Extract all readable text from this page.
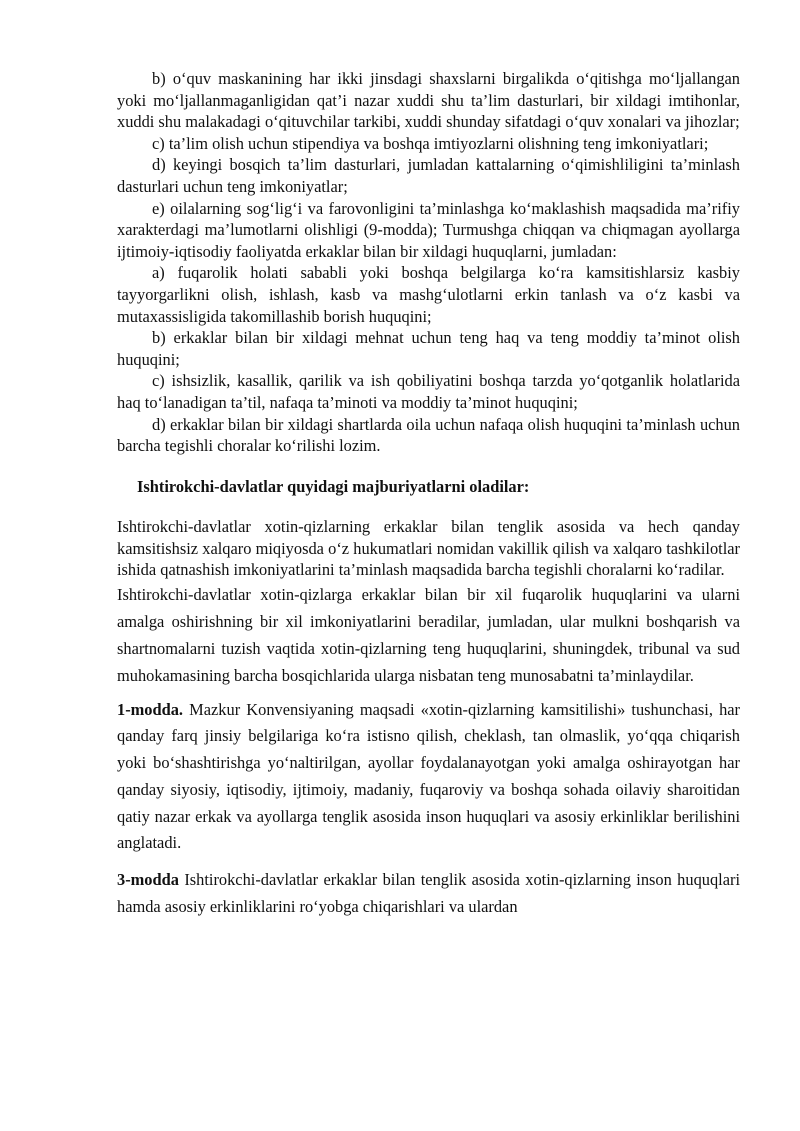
b) o‘quv maskanining har ikki jinsdagi shaxslarni birgalikda o‘qitishga mo‘ljallangan yoki mo‘ljallanmaganligidan qat’i nazar xuddi shu ta’lim dasturlari, bir xildagi imtihonlar, xuddi shu malakadagi o‘qituvchilar tarkibi, xuddi shunday sifatdagi o‘quv xonalari va jihozlar;

c) ta’lim olish uchun stipendiya va boshqa imtiyozlarni olishning teng imkoniyatlari;

d) keyingi bosqich ta’lim dasturlari, jumladan kattalarning o‘qimishliligini ta’minlash dasturlari uchun teng imkoniyatlar;

e) oilalarning sog‘lig‘i va farovonligini ta’minlashga ko‘maklashish maqsadida ma’rifiy xarakterdagi ma’lumotlarni olishligi (9-modda); Turmushga chiqqan va chiqmagan ayollarga ijtimoiy-iqtisodiy faoliyatda erkaklar bilan bir xildagi huquqlarni, jumladan:

a) fuqarolik holati sababli yoki boshqa belgilarga ko‘ra kamsitishlarsiz kasbiy tayyorgarlikni olish, ishlash, kasb va mashg‘ulotlarni erkin tanlash va o‘z kasbi va mutaxassisligida takomillashib borish huquqini;

b) erkaklar bilan bir xildagi mehnat uchun teng haq va teng moddiy ta’minot olish huquqini;

c) ishsizlik, kasallik, qarilik va ish qobiliyatini boshqa tarzda yo‘qotganlik holatlarida haq to‘lanadigan ta’til, nafaqa ta’minoti va moddiy ta’minot huquqini;

d) erkaklar bilan bir xildagi shartlarda oila uchun nafaqa olish huquqini ta’minlash uchun barcha tegishli choralar ko‘rilishi lozim.

Ishtirokchi-davlatlar quyidagi majburiyatlarni oladilar:

Ishtirokchi-davlatlar xotin-qizlarning erkaklar bilan tenglik asosida va hech qanday kamsitishsiz xalqaro miqiyosda o‘z hukumatlari nomidan vakillik qilish va xalqaro tashkilotlar ishida qatnashish imkoniyatlarini ta’minlash maqsadida barcha tegishli choralarni ko‘radilar.

Ishtirokchi-davlatlar xotin-qizlarga erkaklar bilan bir xil fuqarolik huquqlarini va ularni amalga oshirishning bir xil imkoniyatlarini beradilar, jumladan, ular mulkni boshqarish va shartnomalarni tuzish vaqtida xotin-qizlarning teng huquqlarini, shuningdek, tribunal va sud muhokamasining barcha bosqichlarida ularga nisbatan teng munosabatni ta’minlaydilar.

1-modda. Mazkur Konvensiyaning maqsadi «xotin-qizlarning kamsitilishi» tushunchasi, har qanday farq jinsiy belgilariga ko‘ra istisno qilish, cheklash, tan olmaslik, yo‘qqa chiqarish yoki bo‘shashtirishga yo‘naltirilgan, ayollar foydalanayotgan yoki amalga oshirayotgan har qanday siyosiy, iqtisodiy, ijtimoiy, madaniy, fuqaroviy va boshqa sohada oilaviy sharoitidan qatiy nazar erkak va ayollarga tenglik asosida inson huquqlari va asosiy erkinliklar berilishini anglatadi.

3-modda Ishtirokchi-davlatlar erkaklar bilan tenglik asosida xotin-qizlarning inson huquqlari hamda asosiy erkinliklarini ro‘yobga chiqarishlari va ulardan
